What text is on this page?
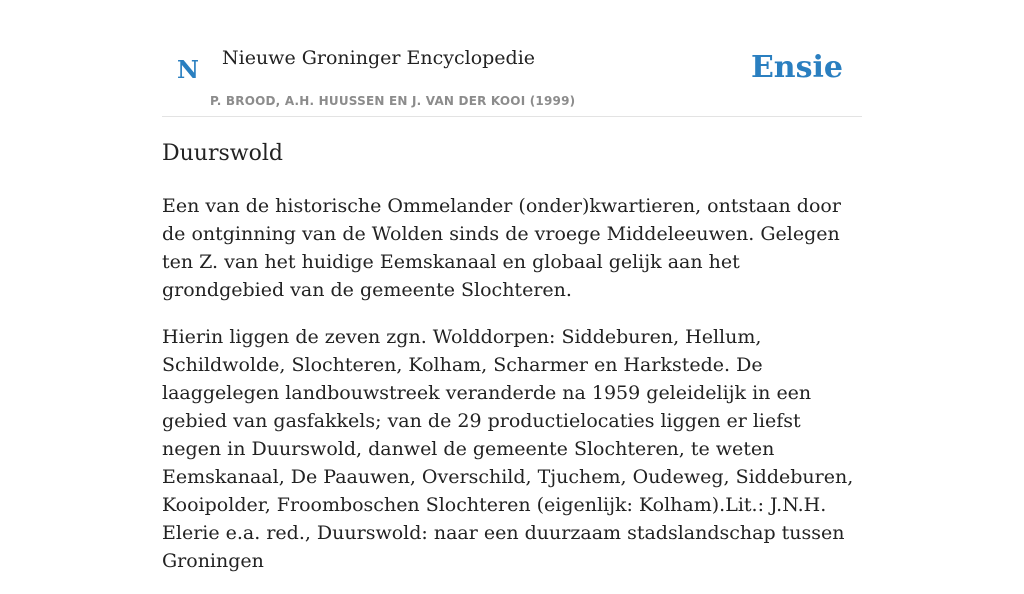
N Nieuwe Groninger Encyclopedie
P. BROOD, A.H. HUUSSEN EN J. VAN DER KOOI (1999)
Ensie
Duurswold

Een van de historische Ommelander (onder)kwartieren, ontstaan door de ontginning van de Wolden sinds de vroege Middeleeuwen. Gelegen ten Z. van het huidige Eemskanaal en globaal gelijk aan het grondgebied van de gemeente Slochteren.

Hierin liggen de zeven zgn. Wolddorpen: Siddeburen, Hellum, Schildwolde, Slochteren, Kolham, Scharmer en Harkstede. De laaggelegen landbouwstreek veranderde na 1959 geleidelijk in een gebied van gasfakkels; van de 29 productielocaties liggen er liefst negen in Duurswold, danwel de gemeente Slochteren, te weten Eemskanaal, De Paauwen, Overschild, Tjuchem, Oudeweg, Siddeburen, Kooipolder, Froomboschen Slochteren (eigenlijk: Kolham).Lit.: J.N.H. Elerie e.a. red., Duurswold: naar een duurzaam stadslandschap tussen Groningen
